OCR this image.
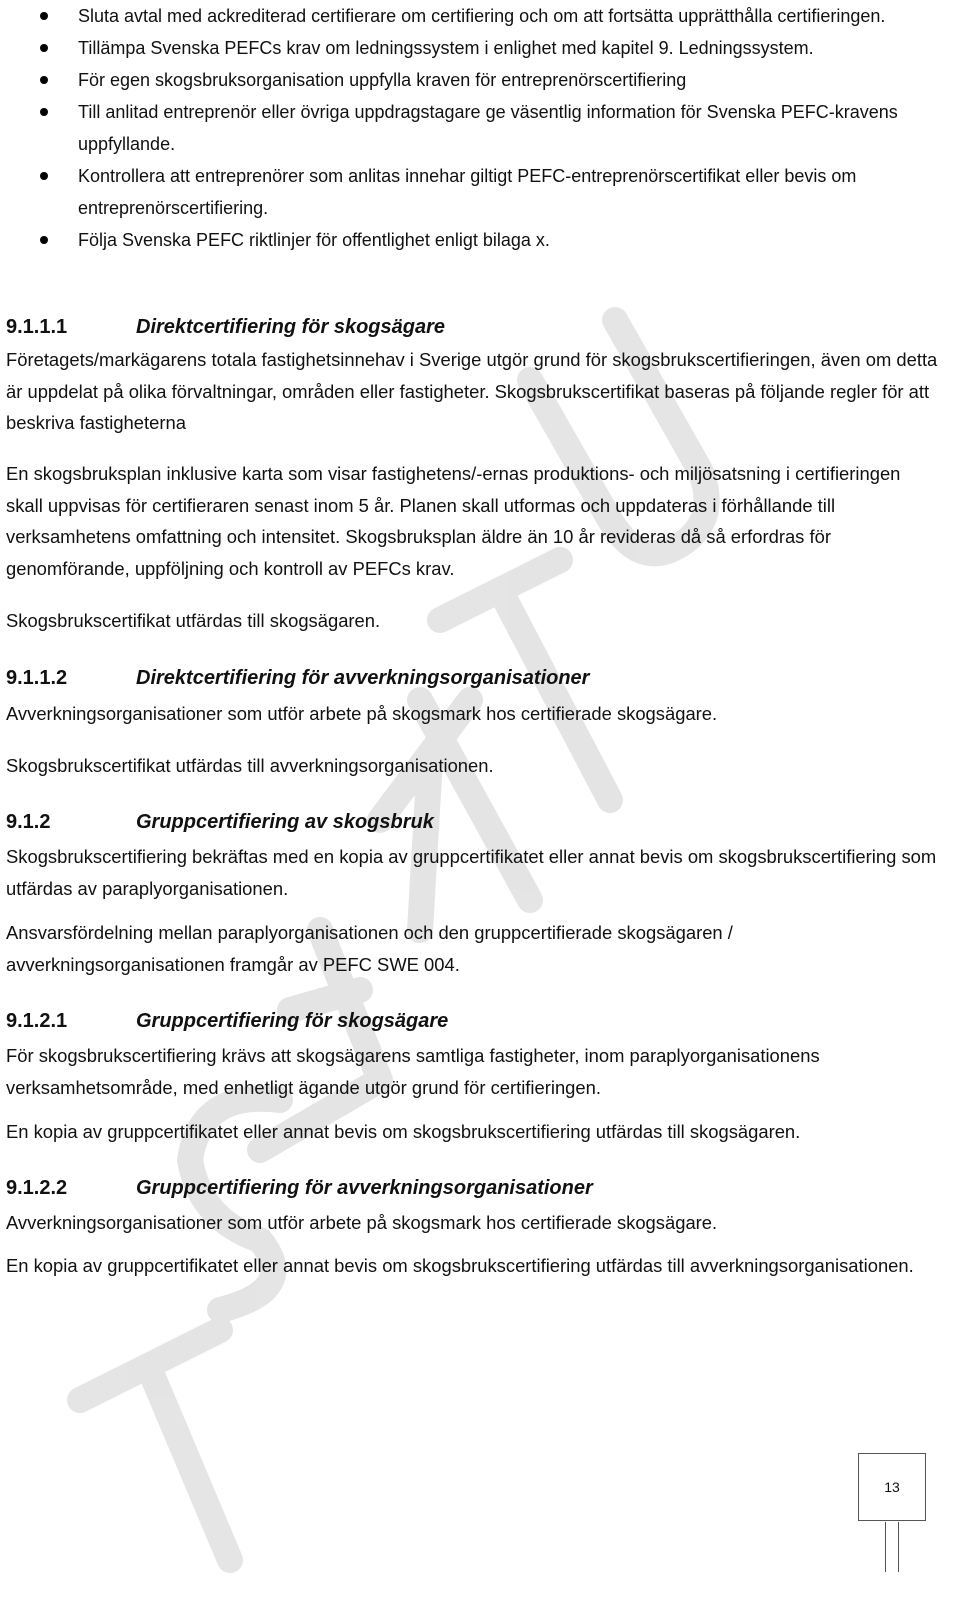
Sluta avtal med ackrediterad certifierare om certifiering och om att fortsätta upprätthålla certifieringen.
Tillämpa Svenska PEFCs krav om ledningssystem i enlighet med kapitel 9. Ledningssystem.
För egen skogsbruksorganisation uppfylla kraven för entreprenörscertifiering
Till anlitad entreprenör eller övriga uppdragstagare ge väsentlig information för Svenska PEFC-kravens uppfyllande.
Kontrollera att entreprenörer som anlitas innehar giltigt PEFC-entreprenörscertifikat eller bevis om entreprenörscertifiering.
Följa Svenska PEFC riktlinjer för offentlighet enligt bilaga x.
9.1.1.1	Direktcertifiering för skogsägare

Företagets/markägarens totala fastighetsinnehav i Sverige utgör grund för skogsbrukscertifieringen, även om detta är uppdelat på olika förvaltningar, områden eller fastigheter. Skogsbrukscertifikat baseras på följande regler för att beskriva fastigheterna

En skogsbruksplan inklusive karta som visar fastighetens/-ernas produktions- och miljösatsning i certifieringen skall uppvisas för certifieraren senast inom 5 år. Planen skall utformas och uppdateras i förhållande till verksamhetens omfattning och intensitet. Skogsbruksplan äldre än 10 år revideras då så erfordras för genomförande, uppföljning och kontroll av PEFCs krav.

Skogsbrukscertifikat utfärdas till skogsägaren.

9.1.1.2	Direktcertifiering för avverkningsorganisationer

Avverkningsorganisationer som utför arbete på skogsmark hos certifierade skogsägare.

Skogsbrukscertifikat utfärdas till avverkningsorganisationen.

9.1.2	Gruppcertifiering av skogsbruk

Skogsbrukscertifiering bekräftas med en kopia av gruppcertifikatet eller annat bevis om skogsbrukscertifiering som utfärdas av paraplyorganisationen.

Ansvarsfördelning mellan paraplyorganisationen och den gruppcertifierade skogsägaren / avverkningsorganisationen framgår av PEFC SWE 004.

9.1.2.1	Gruppcertifiering för skogsägare

För skogsbrukscertifiering krävs att skogsägarens samtliga fastigheter, inom paraplyorganisationens verksamhetsområde, med enhetligt ägande utgör grund för certifieringen.

En kopia av gruppcertifikatet eller annat bevis om skogsbrukscertifiering utfärdas till skogsägaren.

9.1.2.2	Gruppcertifiering för avverkningsorganisationer

Avverkningsorganisationer som utför arbete på skogsmark hos certifierade skogsägare.

En kopia av gruppcertifikatet eller annat bevis om skogsbrukscertifiering utfärdas till avverkningsorganisationen.

13
